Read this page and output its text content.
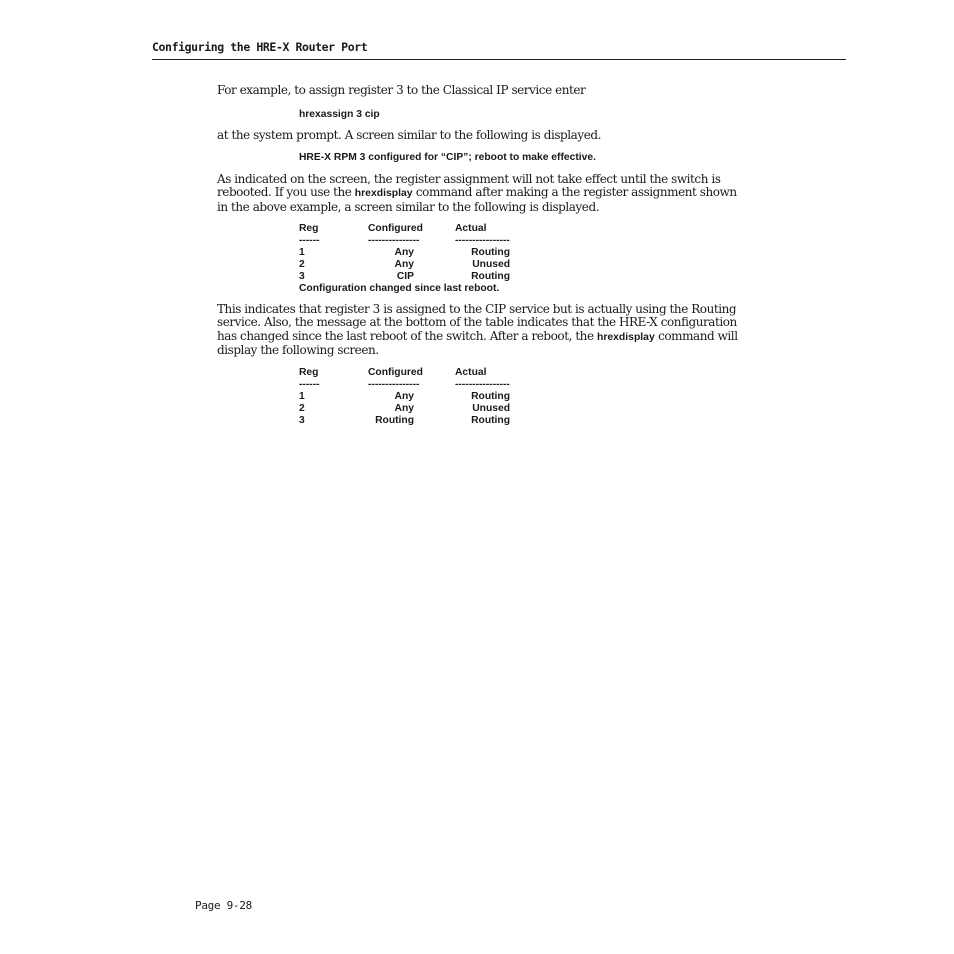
Configuring the HRE-X Router Port
For example, to assign register 3 to the Classical IP service enter
hrexassign 3 cip
at the system prompt. A screen similar to the following is displayed.
HRE-X RPM 3 configured for “CIP”; reboot to make effective.
As indicated on the screen, the register assignment will not take effect until the switch is
rebooted. If you use the hrexdisplay command after making a the register assignment shown
in the above example, a screen similar to the following is displayed.
Reg	Configured	Actual
------	---------------	----------------
1	Any	Routing
2	Any	Unused
3	CIP	Routing
Configuration changed since last reboot.
This indicates that register 3 is assigned to the CIP service but is actually using the Routing
service. Also, the message at the bottom of the table indicates that the HRE-X configuration
has changed since the last reboot of the switch. After a reboot, the hrexdisplay command will
display the following screen.
Reg	Configured	Actual
------	---------------	----------------
1	Any	Routing
2	Any	Unused
3	Routing	Routing
Page 9-28
